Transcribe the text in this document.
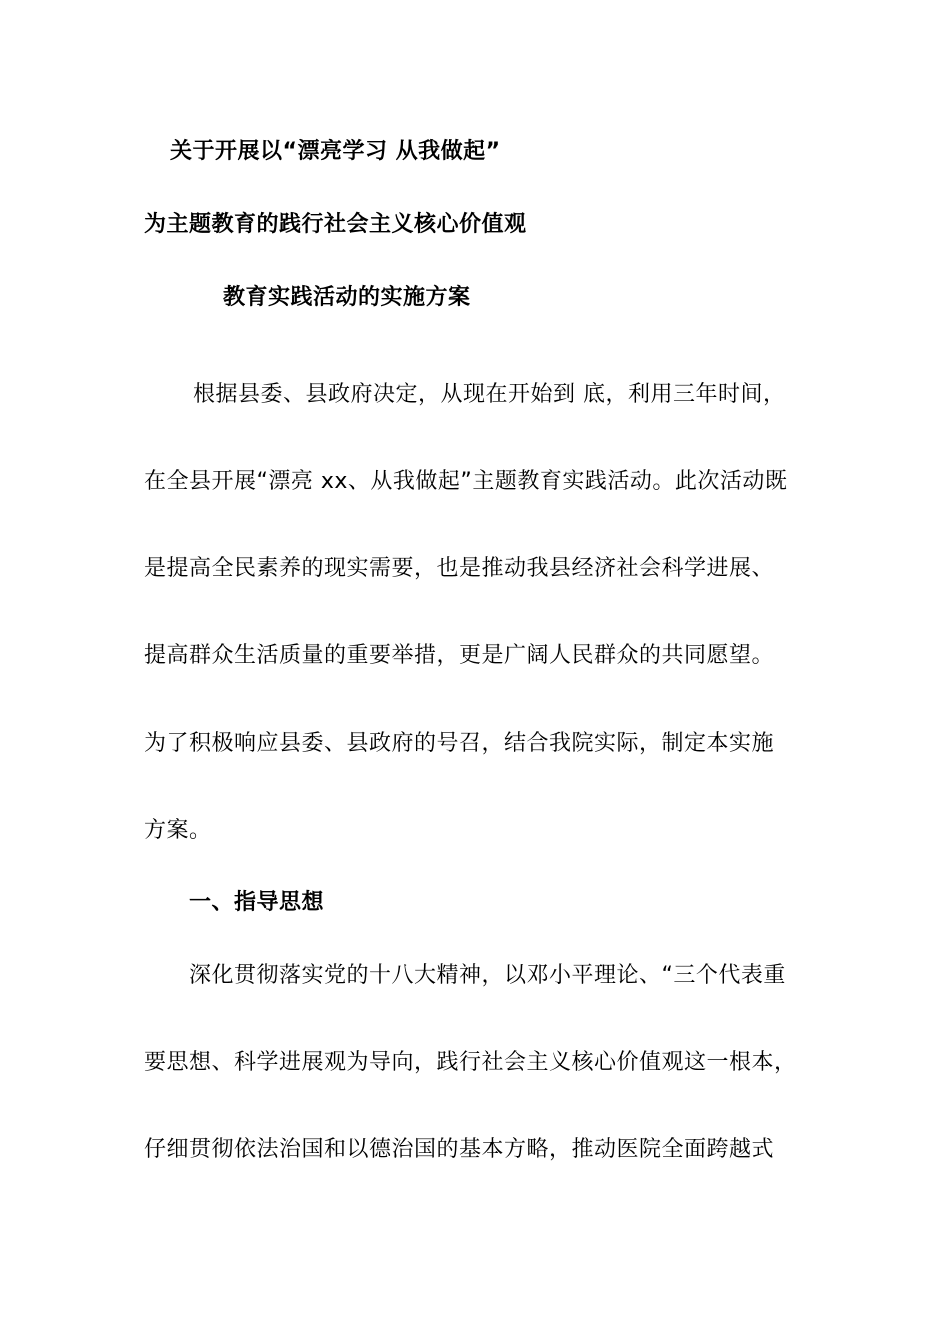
关于开展以“漂亮学习 从我做起”
为主题教育的践行社会主义核心价值观
教育实践活动的实施方案
根据县委、县政府决定，从现在开始到 底，利用三年时间，
在全县开展“漂亮 xx、从我做起”主题教育实践活动。此次活动既
是提高全民素养的现实需要，也是推动我县经济社会科学进展、
提高群众生活质量的重要举措，更是广阔人民群众的共同愿望。
为了积极响应县委、县政府的号召，结合我院实际，制定本实施
方案。
一、指导思想
深化贯彻落实党的十八大精神，以邓小平理论、“三个代表重
要思想、科学进展观为导向，践行社会主义核心价值观这一根本，
仔细贯彻依法治国和以德治国的基本方略，推动医院全面跨越式
